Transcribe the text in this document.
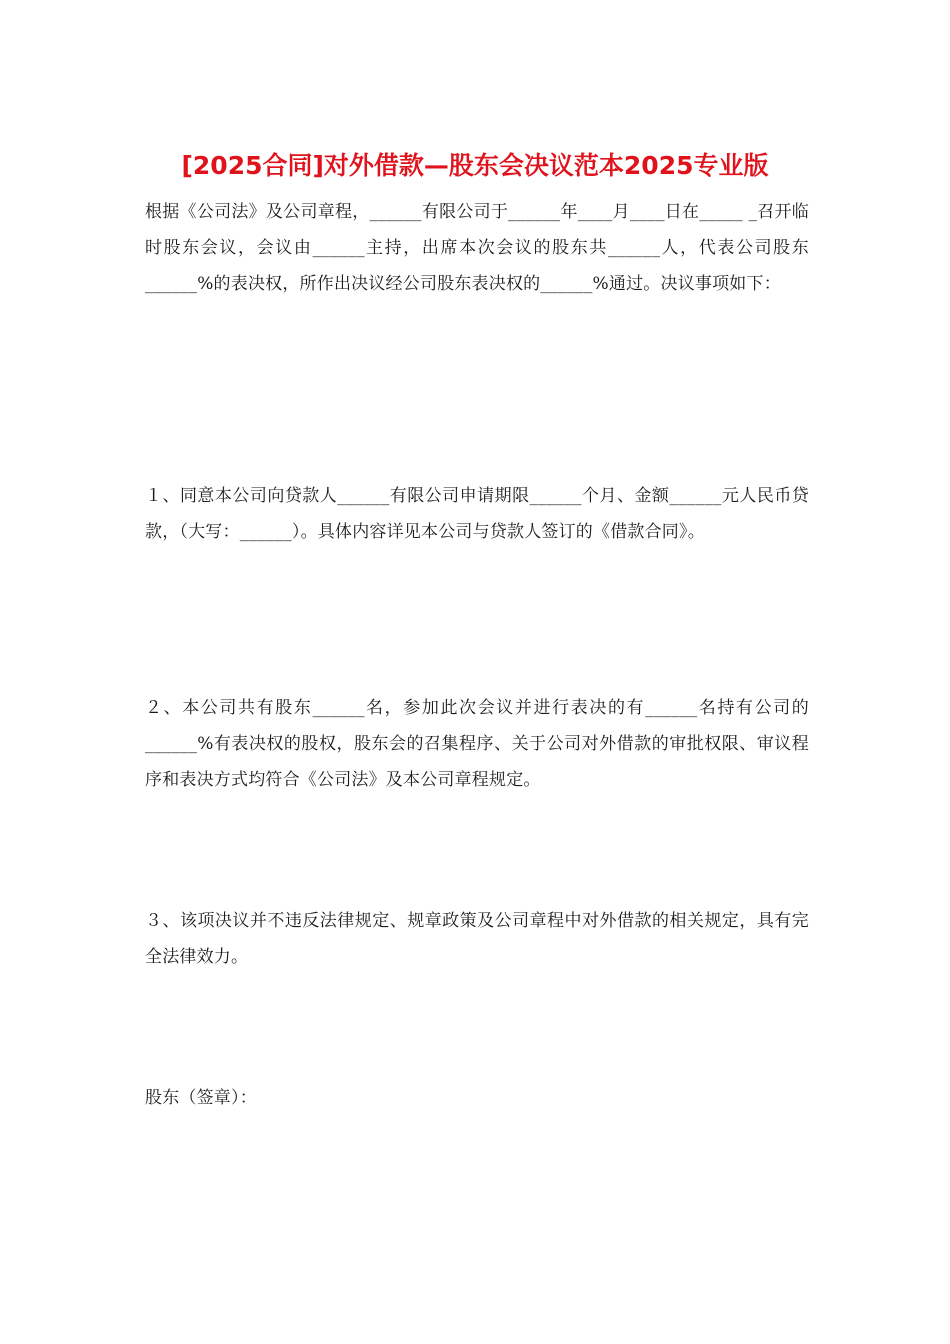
[2025合同]对外借款—股东会决议范本2025专业版
根据《公司法》及公司章程，______有限公司于______年____月____日在_____ _召开临时股东会议，会议由______主持，出席本次会议的股东共______人，代表公司股东______%的表决权，所作出决议经公司股东表决权的______%通过。决议事项如下：
１、同意本公司向贷款人______有限公司申请期限______个月、金额______元人民币贷款，（大写：______）。具体内容详见本公司与贷款人签订的《借款合同》。
２、本公司共有股东______名，参加此次会议并进行表决的有______名持有公司的______%有表决权的股权，股东会的召集程序、关于公司对外借款的审批权限、审议程序和表决方式均符合《公司法》及本公司章程规定。
３、该项决议并不违反法律规定、规章政策及公司章程中对外借款的相关规定，具有完全法律效力。
股东（签章）：
